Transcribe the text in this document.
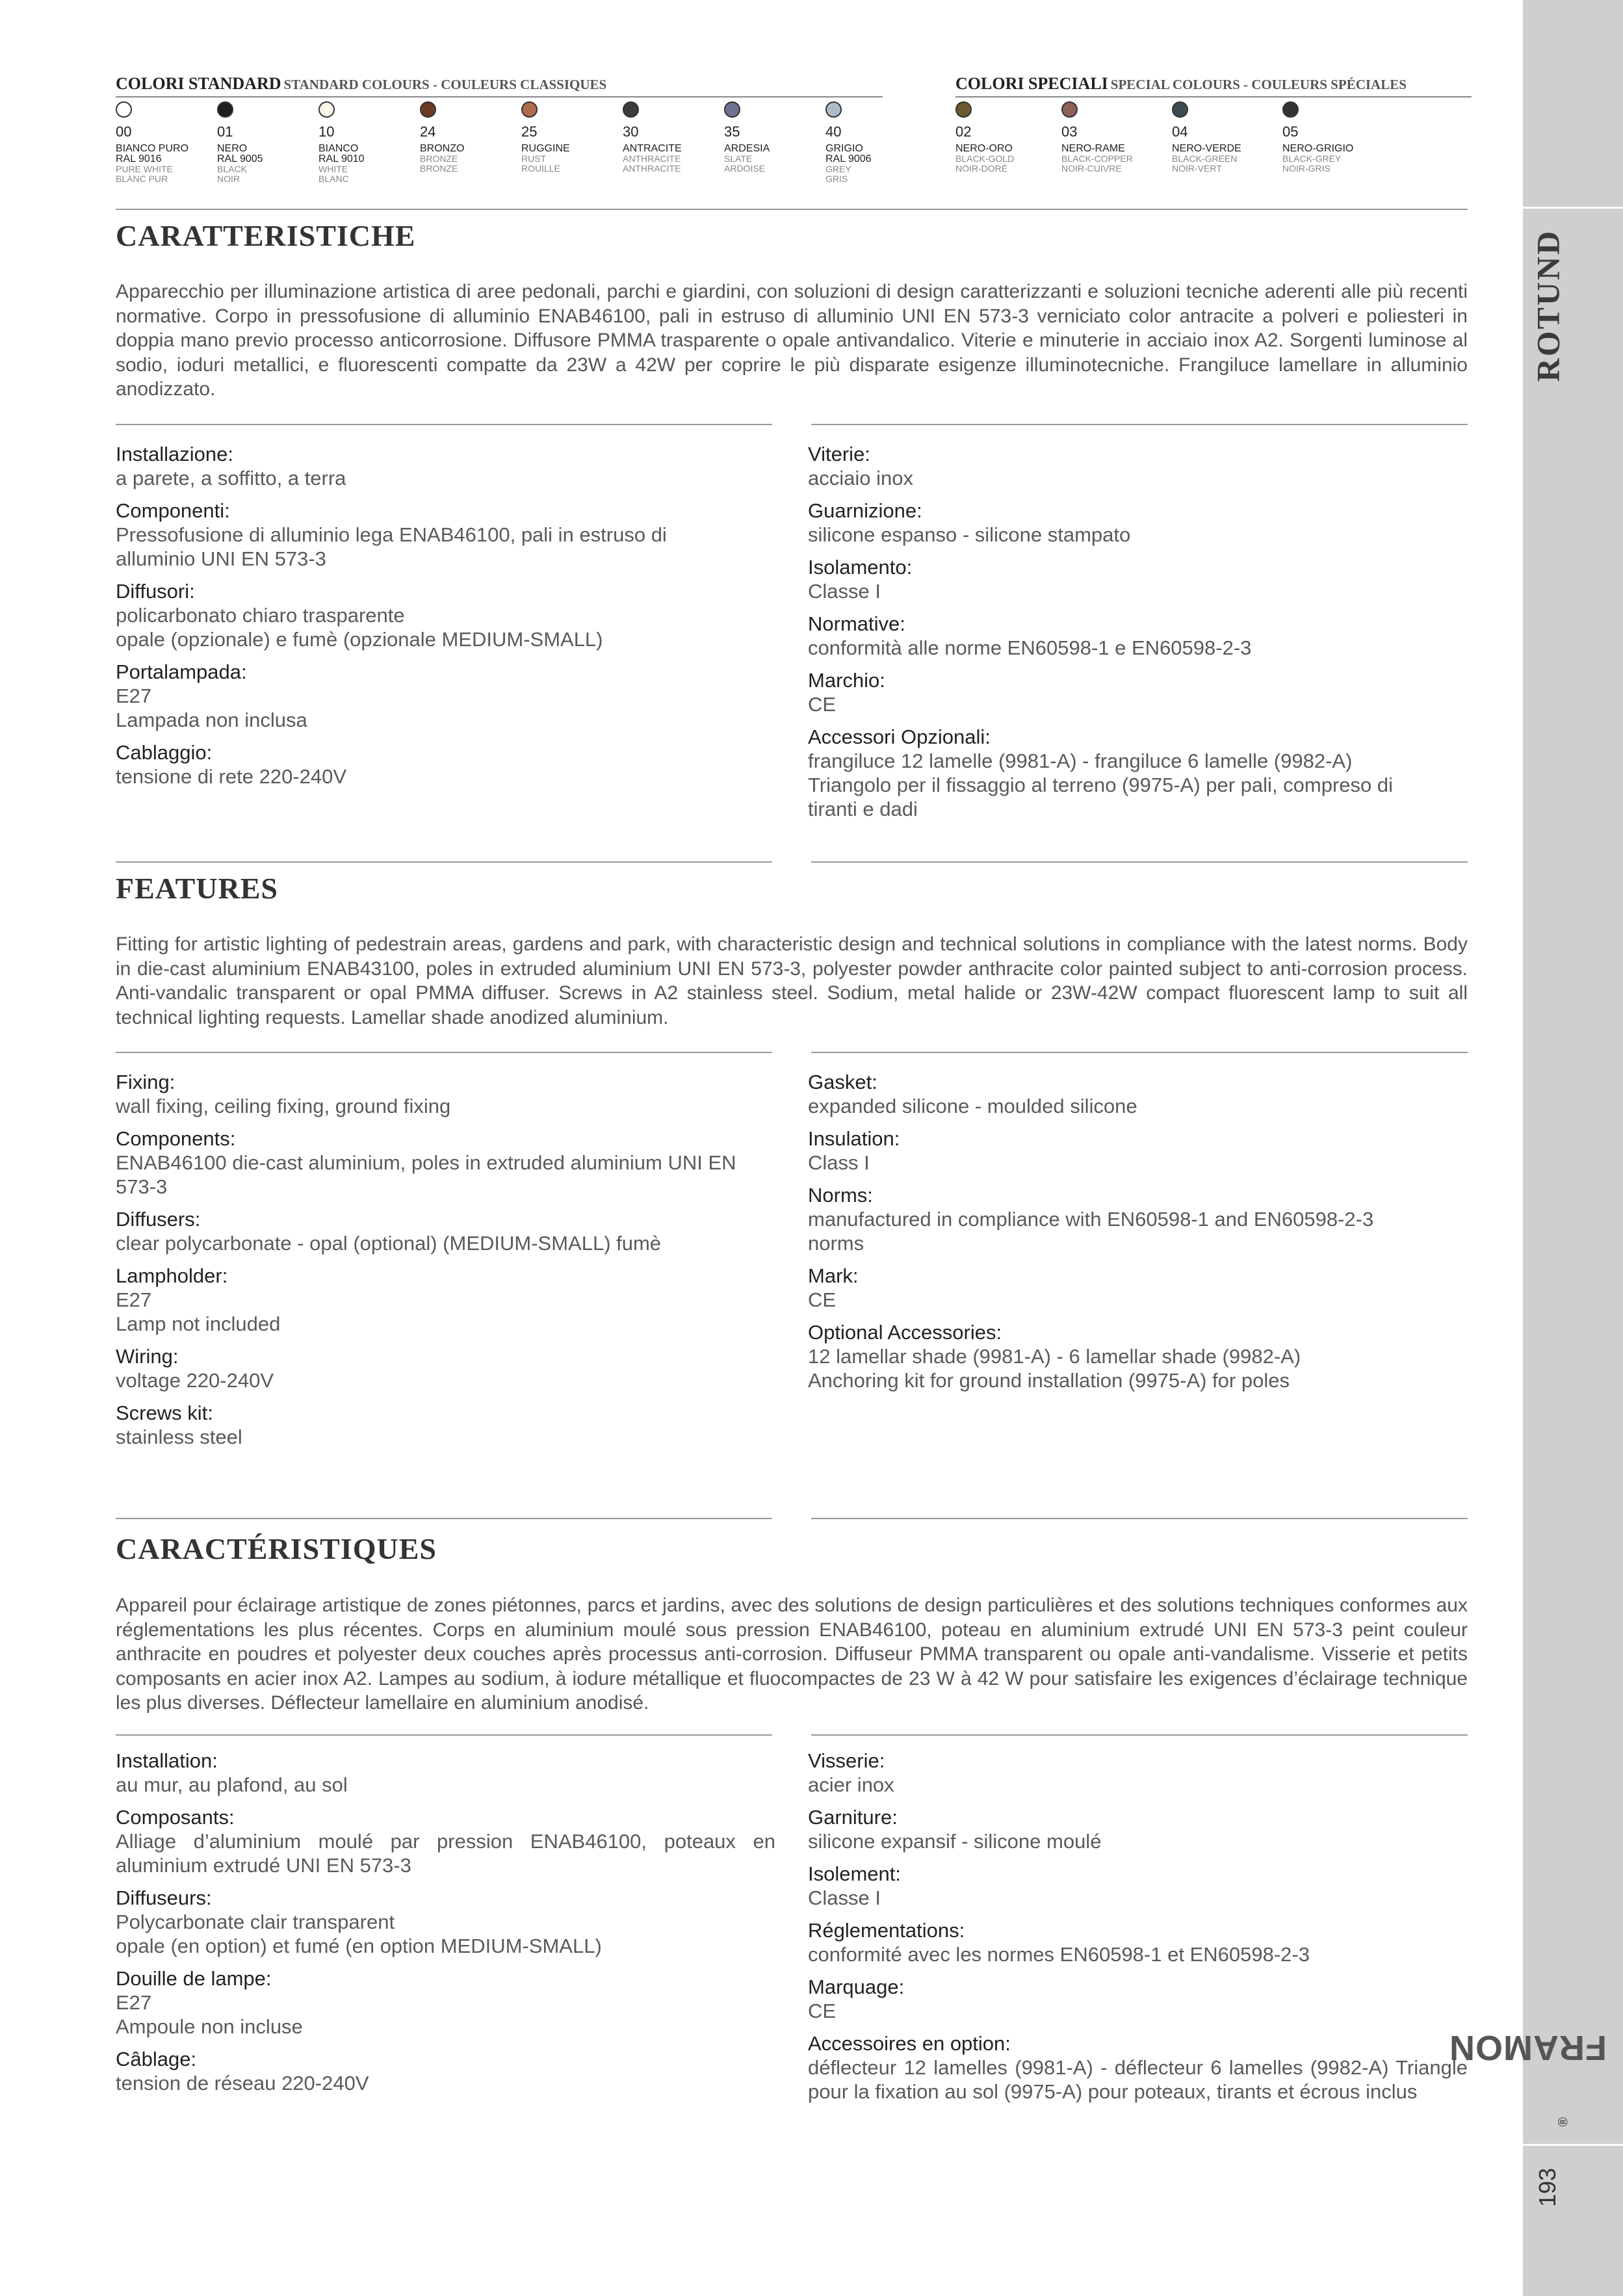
ROTUND
FRAMON
®
193
COLORI STANDARD STANDARD COLOURS - COULEURS CLASSIQUES	COLORI SPECIALI SPECIAL COLOURS - COULEURS SPÉCIALES
00
BIANCO PURO
RAL 9016
PURE WHITE
BLANC PUR
01
NERO
RAL 9005
BLACK
NOIR
10
BIANCO
RAL 9010
WHITE
BLANC
24
BRONZO
BRONZE
BRONZE
25
RUGGINE
RUST
ROUILLE
30
ANTRACITE
ANTHRACITE
ANTHRACITE
35
ARDESIA
SLATE
ARDOISE
40
GRIGIO
RAL 9006
GREY
GRIS
02
NERO-ORO
BLACK-GOLD
NOIR-DORÉ
03
NERO-RAME
BLACK-COPPER
NOIR-CUIVRE
04
NERO-VERDE
BLACK-GREEN
NOIR-VERT
05
NERO-GRIGIO
BLACK-GREY
NOIR-GRIS
CARATTERISTICHE

Apparecchio per illuminazione artistica di aree pedonali, parchi e giardini, con soluzioni di design caratterizzanti e soluzioni tecniche aderenti alle più recenti normative. Corpo in pressofusione di alluminio ENAB46100, pali in estruso di alluminio UNI EN 573-3 verniciato color antracite a polveri e poliesteri in doppia mano previo processo anticorrosione. Diffusore PMMA trasparente o opale antivandalico. Viterie e minuterie in acciaio inox A2. Sorgenti luminose al sodio, ioduri metallici, e fluorescenti compatte da 23W a 42W per coprire le più disparate esigenze illuminotecniche. Frangiluce lamellare in alluminio anodizzato.

Installazione:
a parete, a soffitto, a terra
Componenti:
Pressofusione di alluminio lega ENAB46100, pali in estruso di
alluminio UNI EN 573-3
Diffusori:
policarbonato chiaro trasparente
opale (opzionale) e fumè (opzionale MEDIUM-SMALL)
Portalampada:
E27
Lampada non inclusa
Cablaggio:
tensione di rete 220-240V
Viterie:
acciaio inox
Guarnizione:
silicone espanso - silicone stampato
Isolamento:
Classe I
Normative:
conformità alle norme EN60598-1 e EN60598-2-3
Marchio:
CE
Accessori Opzionali:
frangiluce 12 lamelle (9981-A) - frangiluce 6 lamelle (9982-A)
Triangolo per il fissaggio al terreno (9975-A) per pali, compreso di
tiranti e dadi
FEATURES

Fitting for artistic lighting of pedestrain areas, gardens and park, with characteristic design and technical solutions in compliance with the latest norms. Body in die-cast aluminium ENAB43100, poles in extruded aluminium UNI EN 573-3, polyester powder anthracite color painted subject to anti-corrosion process. Anti-vandalic transparent or opal PMMA diffuser. Screws in A2 stainless steel. Sodium, metal halide or 23W-42W compact fluorescent lamp to suit all technical lighting requests. Lamellar shade anodized aluminium.

Fixing:
wall fixing, ceiling fixing, ground fixing
Components:
ENAB46100 die-cast aluminium, poles in extruded aluminium UNI EN
573-3
Diffusers:
clear polycarbonate - opal (optional) (MEDIUM-SMALL) fumè
Lampholder:
E27
Lamp not included
Wiring:
voltage 220-240V
Screws kit:
stainless steel
Gasket:
expanded silicone - moulded silicone
Insulation:
Class I
Norms:
manufactured in compliance with EN60598-1 and EN60598-2-3
norms
Mark:
CE
Optional Accessories:
12 lamellar shade (9981-A) - 6 lamellar shade (9982-A)
Anchoring kit for ground installation (9975-A) for poles
CARACTÉRISTIQUES

Appareil pour éclairage artistique de zones piétonnes, parcs et jardins, avec des solutions de design particulières et des solutions techniques conformes aux réglementations les plus récentes. Corps en aluminium moulé sous pression ENAB46100, poteau en aluminium extrudé UNI EN 573-3 peint couleur anthracite en poudres et polyester deux couches après processus anti-corrosion. Diffuseur PMMA transparent ou opale anti-vandalisme. Visserie et petits composants en acier inox A2. Lampes au sodium, à iodure métallique et fluocompactes de 23 W à 42 W pour satisfaire les exigences d’éclairage technique les plus diverses. Déflecteur lamellaire en aluminium anodisé.

Installation:
au mur, au plafond, au sol
Composants:
Alliage d’aluminium moulé par pression ENAB46100, poteaux en aluminium extrudé UNI EN 573-3
Diffuseurs:
Polycarbonate clair transparent
opale (en option) et fumé (en option MEDIUM-SMALL)
Douille de lampe:
E27
Ampoule non incluse
Câblage:
tension de réseau 220-240V
Visserie:
acier inox
Garniture:
silicone expansif - silicone moulé
Isolement:
Classe I
Réglementations:
conformité avec les normes EN60598-1 et EN60598-2-3
Marquage:
CE
Accessoires en option:
déflecteur 12 lamelles (9981-A) - déflecteur 6 lamelles (9982-A) Triangle pour la fixation au sol (9975-A) pour poteaux, tirants et écrous inclus
